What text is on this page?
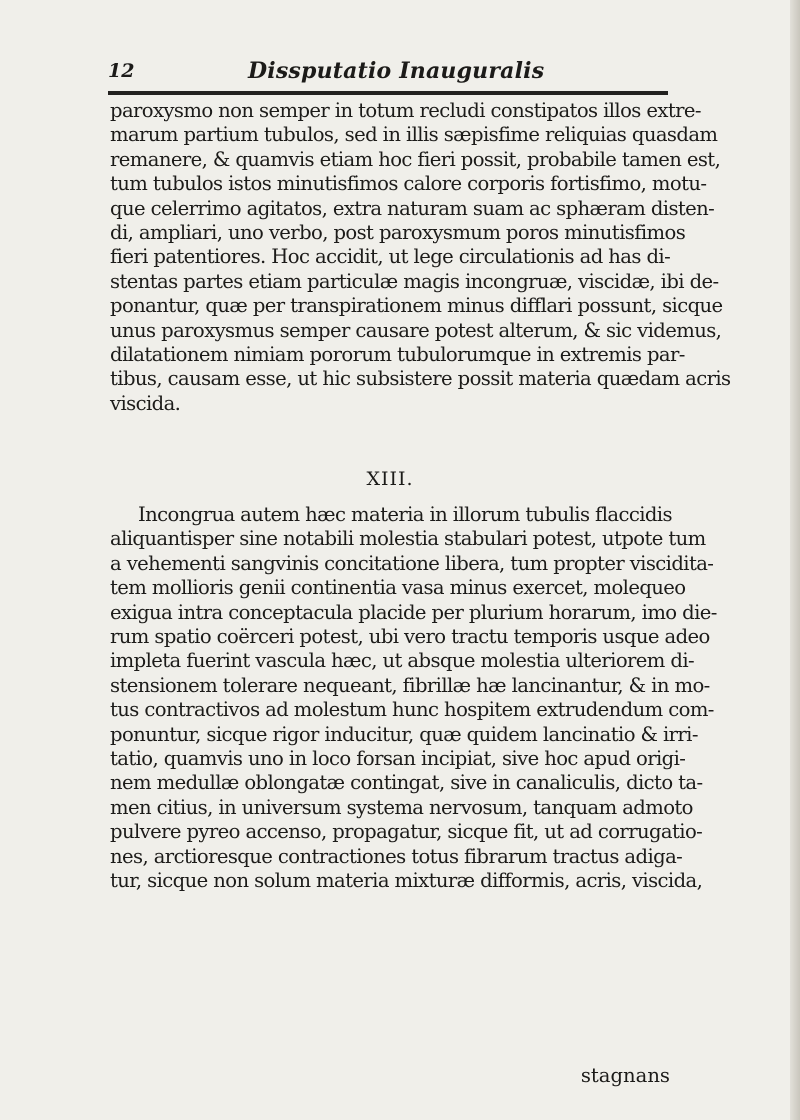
12	Dissputatio Inauguralis
paroxysmo non semper in totum recludi constipatos illos extre-
marum partium tubulos, sed in illis sæpisfime reliquias quasdam
remanere, & quamvis etiam hoc fieri possit, probabile tamen est,
tum tubulos istos minutisfimos calore corporis fortisfimo, motu-
que celerrimo agitatos, extra naturam suam ac sphæram disten-
di, ampliari, uno verbo, post paroxysmum poros minutisfimos
fieri patentiores. Hoc accidit, ut lege circulationis ad has di-
stentas partes etiam particulæ magis incongruæ, viscidæ, ibi de-
ponantur, quæ per transpirationem minus difflari possunt, sicque
unus paroxysmus semper causare potest alterum, & sic videmus,
dilatationem nimiam pororum tubulorumque in extremis par-
tibus, causam esse, ut hic subsistere possit materia quædam acris
viscida.
XIII.
Incongrua autem hæc materia in illorum tubulis flaccidis
aliquantisper sine notabili molestia stabulari potest, utpote tum
a vehementi sangvinis concitatione libera, tum propter viscidita-
tem mollioris genii continentia vasa minus exercet, molequeo
exigua intra conceptacula placide per plurium horarum, imo die-
rum spatio coërceri potest, ubi vero tractu temporis usque adeo
impleta fuerint vascula hæc, ut absque molestia ulteriorem di-
stensionem tolerare nequeant, fibrillæ hæ lancinantur, & in mo-
tus contractivos ad molestum hunc hospitem extrudendum com-
ponuntur, sicque rigor inducitur, quæ quidem lancinatio & irri-
tatio, quamvis uno in loco forsan incipiat, sive hoc apud origi-
nem medullæ oblongatæ contingat, sive in canaliculis, dicto ta-
men citius, in universum systema nervosum, tanquam admoto
pulvere pyreo accenso, propagatur, sicque fit, ut ad corrugatio-
nes, arctioresque contractiones totus fibrarum tractus adiga-
tur, sicque non solum materia mixturæ difformis, acris, viscida,
stagnans
